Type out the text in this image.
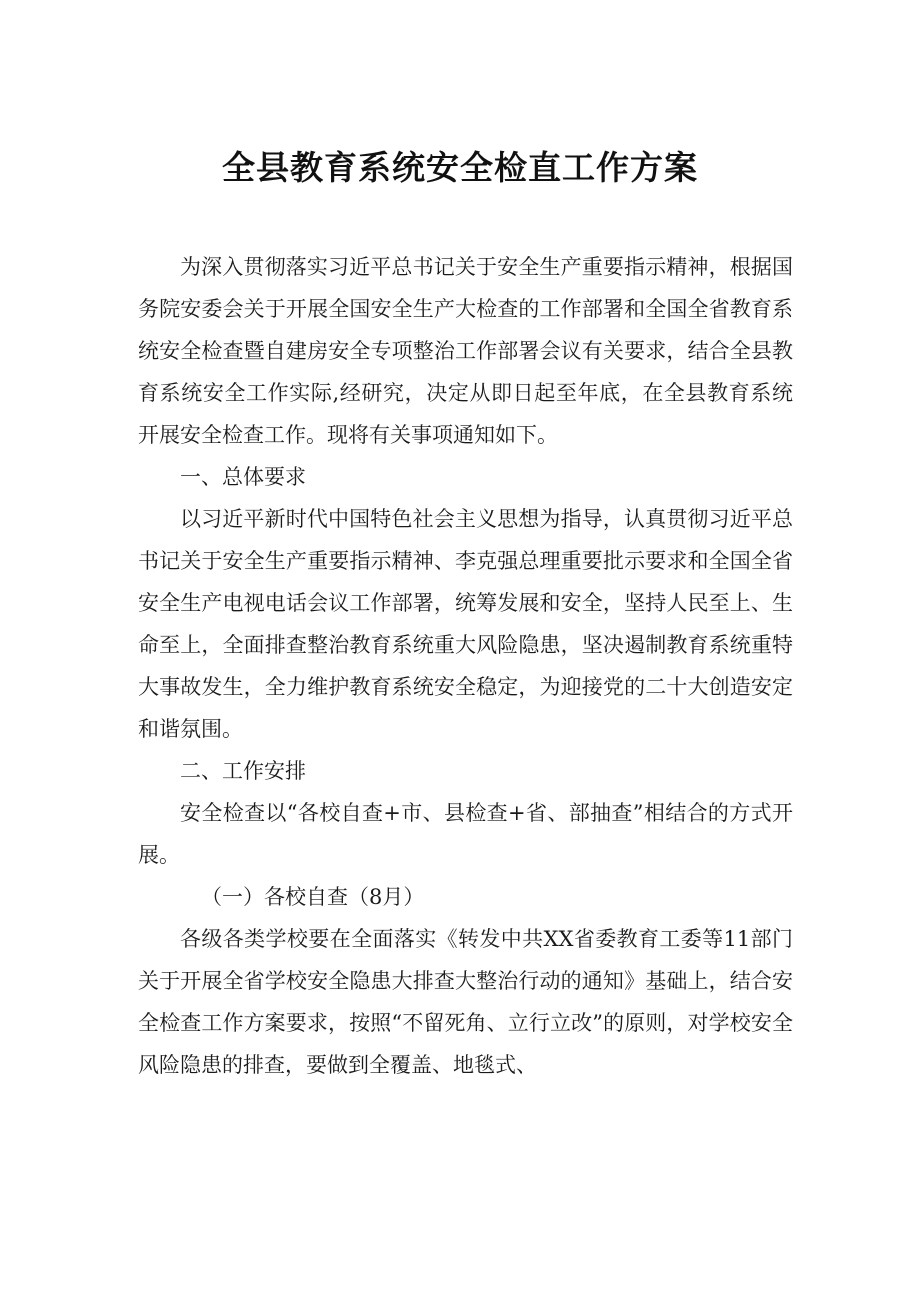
全县教育系统安全检直工作方案

为深入贯彻落实习近平总书记关于安全生产重要指示精神，根据国务院安委会关于开展全国安全生产大检查的工作部署和全国全省教育系统安全检查暨自建房安全专项整治工作部署会议有关要求，结合全县教育系统安全工作实际,经研究，决定从即日起至年底，在全县教育系统开展安全检查工作。现将有关事项通知如下。

一、总体要求

以习近平新时代中国特色社会主义思想为指导，认真贯彻习近平总书记关于安全生产重要指示精神、李克强总理重要批示要求和全国全省安全生产电视电话会议工作部署，统筹发展和安全，坚持人民至上、生命至上，全面排查整治教育系统重大风险隐患，坚决遏制教育系统重特大事故发生，全力维护教育系统安全稳定，为迎接党的二十大创造安定和谐氛围。

二、工作安排

安全检查以“各校自查+市、县检查+省、部抽查”相结合的方式开展。

（一）各校自查（8月）

各级各类学校要在全面落实《转发中共XX省委教育工委等11部门关于开展全省学校安全隐患大排查大整治行动的通知》基础上，结合安全检查工作方案要求，按照“不留死角、立行立改”的原则，对学校安全风险隐患的排查，要做到全覆盖、地毯式、
